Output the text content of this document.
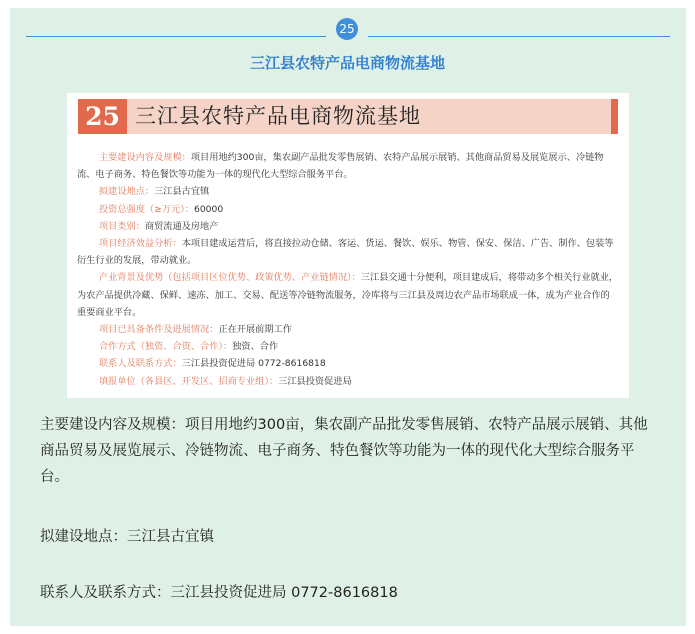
25
三江县农特产品电商物流基地
25 三江县农特产品电商物流基地

主要建设内容及规模：项目用地约300亩，集农副产品批发零售展销、农特产品展示展销、其他商品贸易及展览展示、冷链物流、电子商务、特色餐饮等功能为一体的现代化大型综合服务平台。

拟建设地点：三江县古宜镇

投资总强度（≥万元）：60000

项目类别：商贸流通及房地产

项目经济效益分析：本项目建成运营后，将直接拉动仓储、客运、货运、餐饮、娱乐、物管、保安、保洁、广告、制作、包装等衍生行业的发展，带动就业。

产业背景及优势（包括项目区位优势、政策优势、产业链情况）：三江县交通十分便利，项目建成后，将带动多个相关行业就业，为农产品提供冷藏、保鲜、速冻、加工、交易、配送等冷链物流服务，冷库将与三江县及周边农产品市场联成一体，成为产业合作的重要商业平台。

项目已具备条件及进展情况：正在开展前期工作

合作方式（独资、合资、合作）：独资、合作

联系人及联系方式：三江县投资促进局 0772-8616818

填报单位（各县区、开发区、招商专业组）：三江县投资促进局

主要建设内容及规模：项目用地约300亩，集农副产品批发零售展销、农特产品展示展销、其他商品贸易及展览展示、冷链物流、电子商务、特色餐饮等功能为一体的现代化大型综合服务平台。
拟建设地点：三江县古宜镇
联系人及联系方式：三江县投资促进局 0772-8616818
